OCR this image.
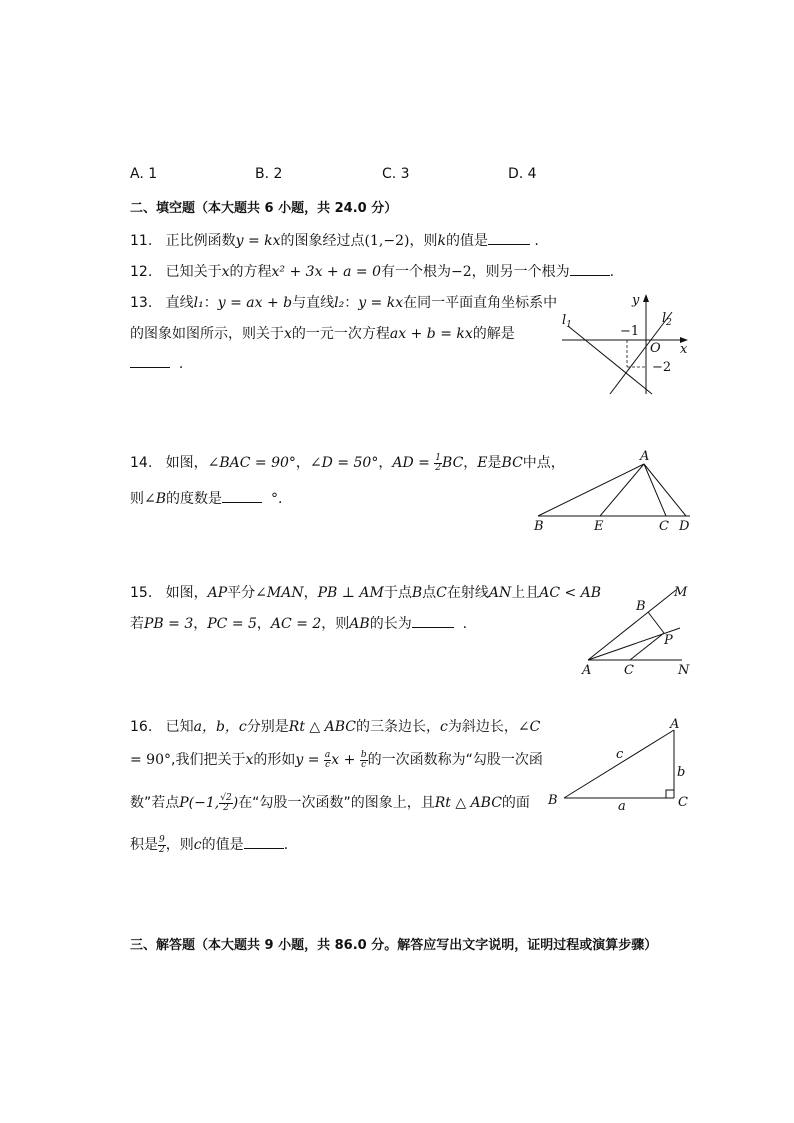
A. 1	B. 2	C. 3	D. 4
二、填空题（本大题共 6 小题，共 24.0 分）
11. 正比例函数y = kx的图象经过点(1,−2)，则k的值是	.
12. 已知关于x的方程x² + 3x + a = 0有一个根为−2，则另一个根为	.
13. 直线l₁：y = ax + b与直线l₂：y = kx在同一平面直角坐标系中
的图象如图所示，则关于x的一元一次方程ax + b = kx的解是
.
y
x
O
−1
−2
$l_1$	$l_2$
14. 如图，∠BAC = 90°，∠D = 50°，AD = $\frac{1}{2}$ BC，E是BC中点，
则∠B的度数是	°.
A
B	E	C D
15. 如图，AP平分∠MAN，PB ⊥ AM于点B点C在射线AN上且AC < AB
若PB = 3，PC = 5，AC = 2，则AB的长为	.
M
B
P
A	C	N
16. 已知a，b，c分别是Rt △ ABC的三条边长，c为斜边长，∠C
= 90°,我们把关于x的形如$y = \frac{a}{c}$ $x + \frac{b}{c}$ 的一次函数称为“勾股一次函
数”若点P(−1, $\frac{√2}{2}$ )在“勾股一次函数”的图象上，且Rt △ ABC的面
积是 $\frac{9}{2}$ ，则c的值是	.
A
B	C
a
b
c
三、解答题（本大题共 9 小题，共 86.0 分。解答应写出文字说明，证明过程或演算步骤）
